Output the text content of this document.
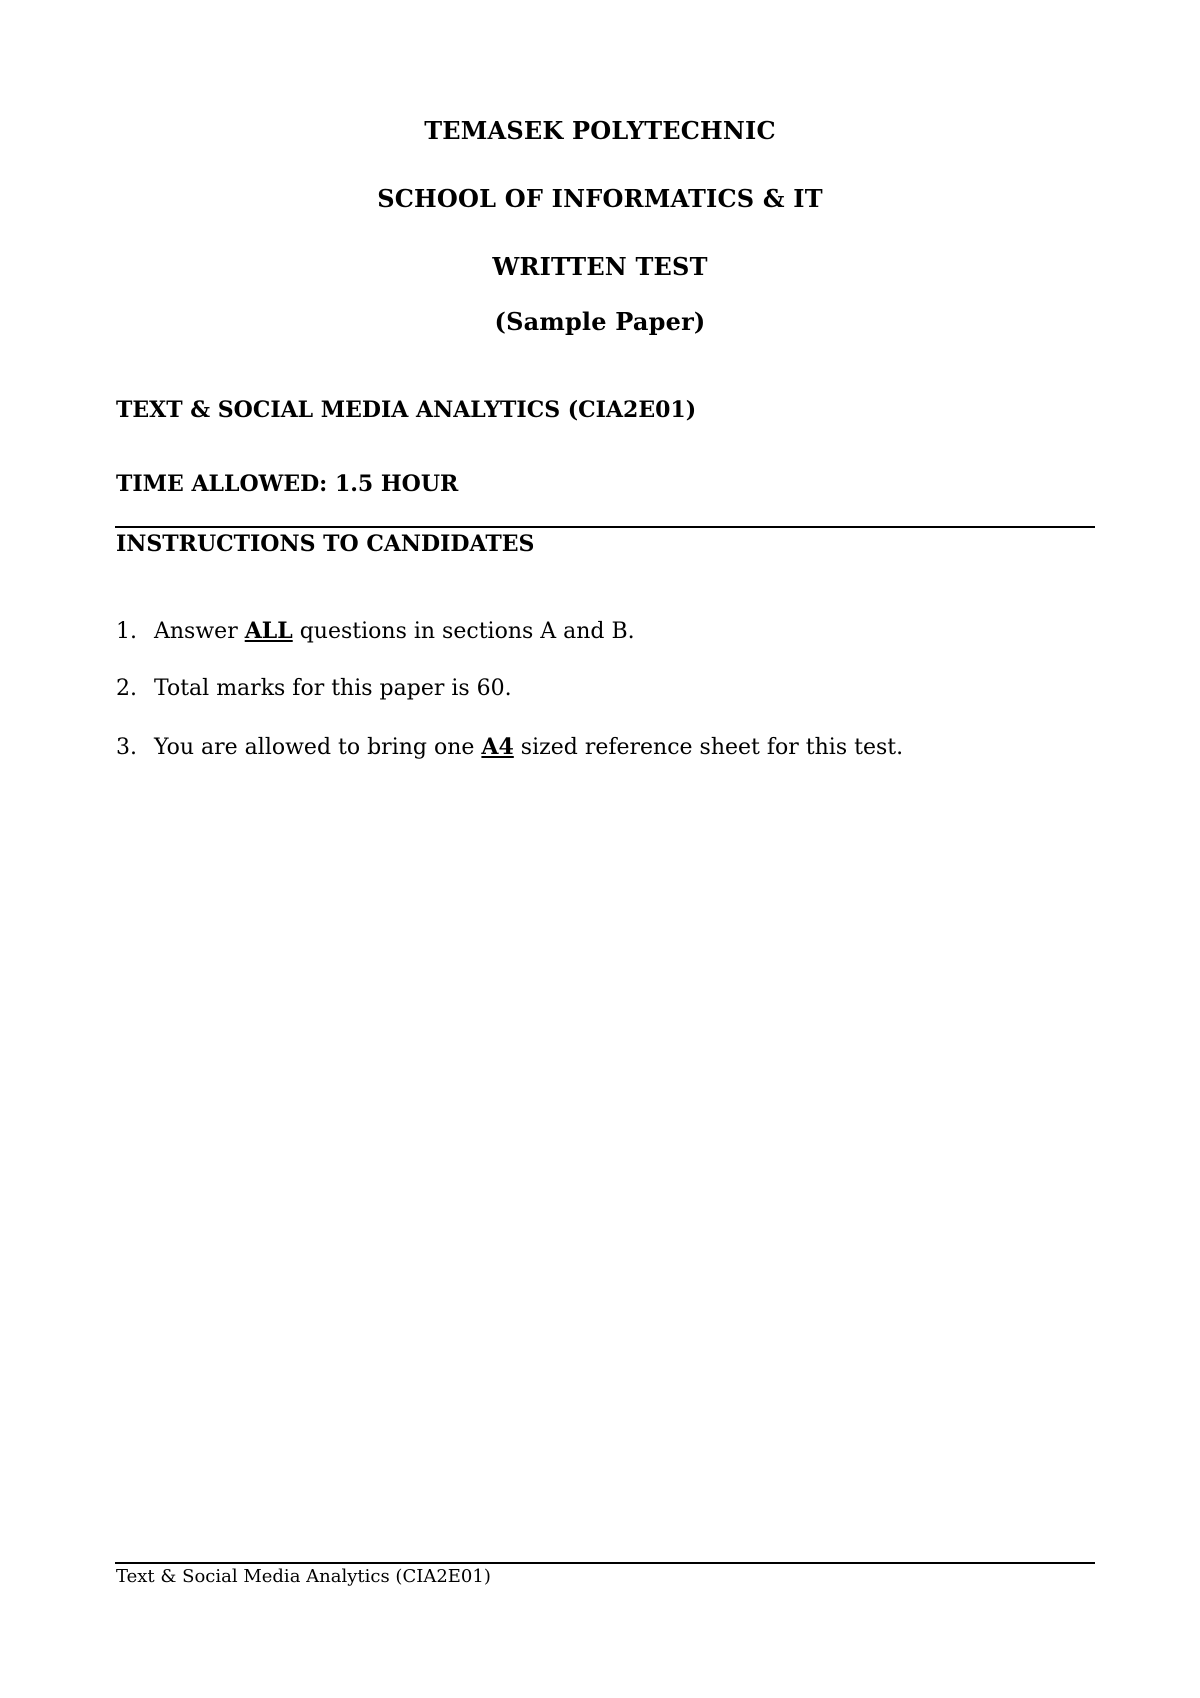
TEMASEK POLYTECHNIC
SCHOOL OF INFORMATICS & IT
WRITTEN TEST
(Sample Paper)
TEXT & SOCIAL MEDIA ANALYTICS (CIA2E01)
TIME ALLOWED: 1.5 HOUR
INSTRUCTIONS TO CANDIDATES
1. Answer ALL questions in sections A and B.
2. Total marks for this paper is 60.
3. You are allowed to bring one A4 sized reference sheet for this test.
Text & Social Media Analytics (CIA2E01)
